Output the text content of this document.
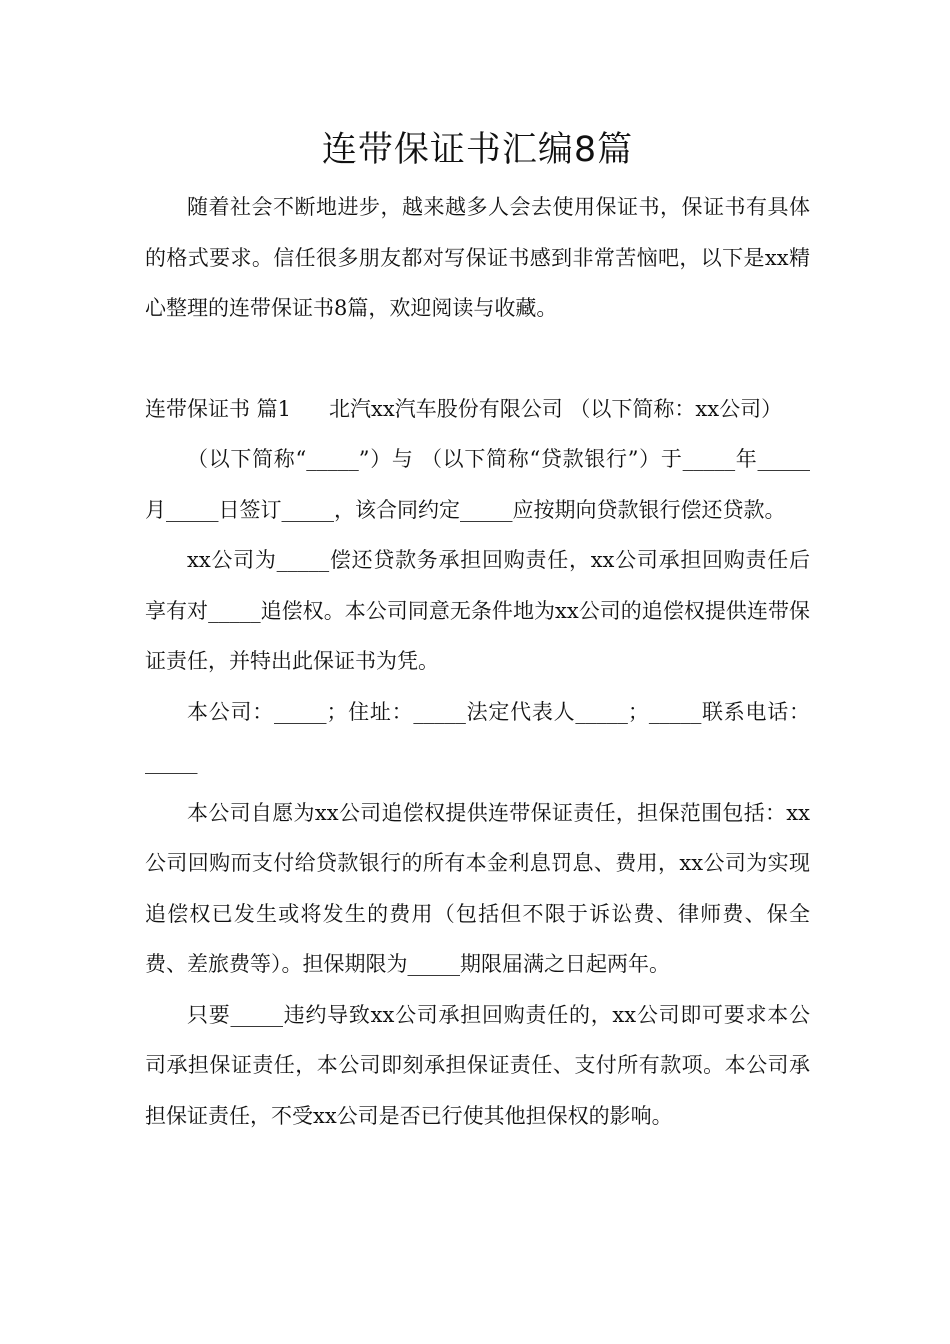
连带保证书汇编8篇

随着社会不断地进步，越来越多人会去使用保证书，保证书有具体的格式要求。信任很多朋友都对写保证书感到非常苦恼吧，以下是xx精心整理的连带保证书8篇，欢迎阅读与收藏。

连带保证书 篇1 北汽xx汽车股份有限公司 （以下简称：xx公司）

（以下简称“_____”）与 （以下简称“贷款银行”）于_____年_____月_____日签订_____，该合同约定_____应按期向贷款银行偿还贷款。

xx公司为_____偿还贷款务承担回购责任，xx公司承担回购责任后享有对_____追偿权。本公司同意无条件地为xx公司的追偿权提供连带保证责任，并特出此保证书为凭。

本公司：_____；住址：_____法定代表人_____；_____联系电话：_____

本公司自愿为xx公司追偿权提供连带保证责任，担保范围包括：xx公司回购而支付给贷款银行的所有本金利息罚息、费用，xx公司为实现追偿权已发生或将发生的费用（包括但不限于诉讼费、律师费、保全费、差旅费等）。担保期限为_____期限届满之日起两年。

只要_____违约导致xx公司承担回购责任的，xx公司即可要求本公司承担保证责任，本公司即刻承担保证责任、支付所有款项。本公司承担保证责任，不受xx公司是否已行使其他担保权的影响。
